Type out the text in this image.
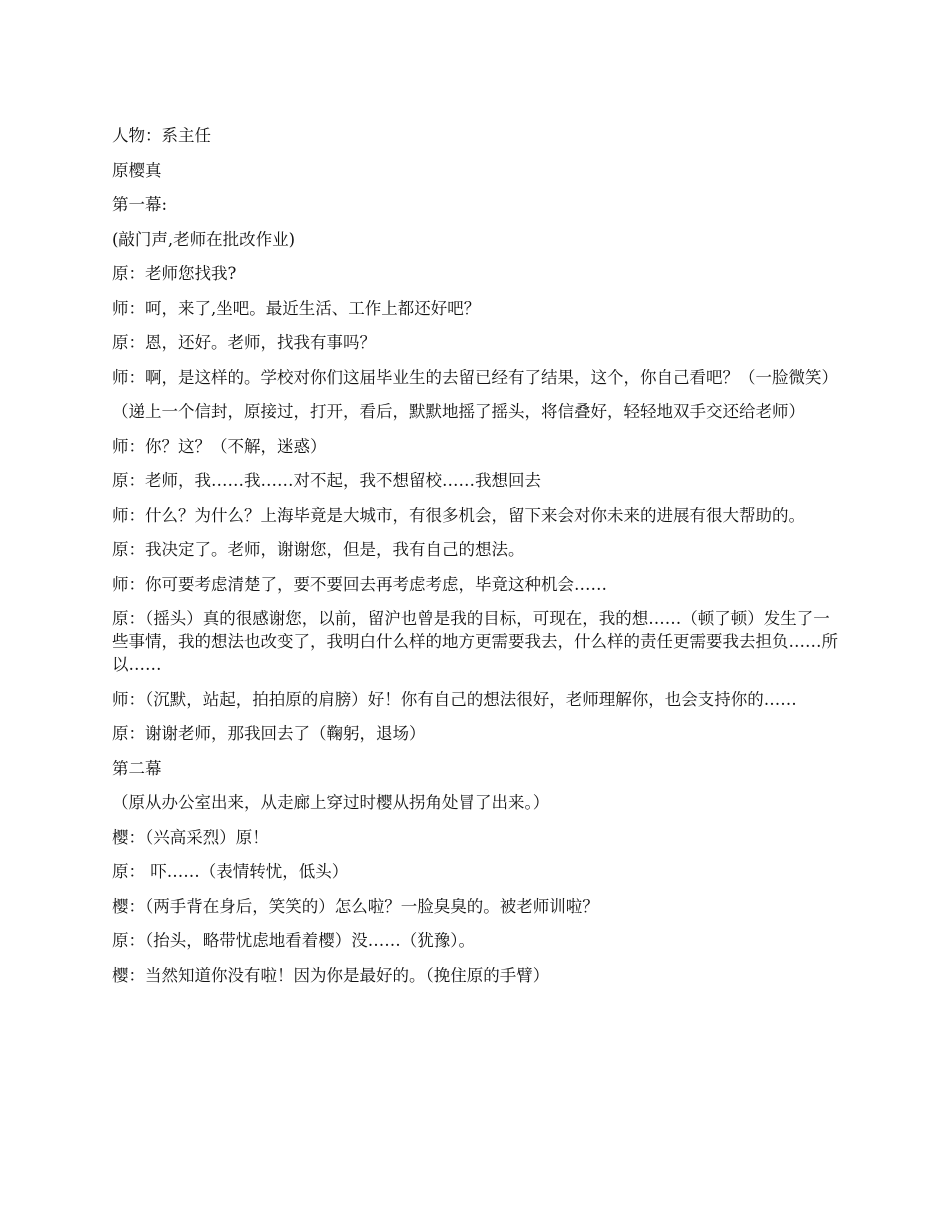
人物：系主任

原樱真

第一幕:

(敲门声,老师在批改作业)

原：老师您找我?

师：呵，来了,坐吧。最近生活、工作上都还好吧？

原：恩，还好。老师，找我有事吗？

师：啊，是这样的。学校对你们这届毕业生的去留已经有了结果，这个，你自己看吧？（一脸微笑）

（递上一个信封，原接过，打开，看后，默默地摇了摇头，将信叠好，轻轻地双手交还给老师）

师：你？这？（不解，迷惑）

原：老师，我……我……对不起，我不想留校……我想回去

师：什么？为什么？上海毕竟是大城市，有很多机会，留下来会对你未来的进展有很大帮助的。

原：我决定了。老师，谢谢您，但是，我有自己的想法。

师：你可要考虑清楚了，要不要回去再考虑考虑，毕竟这种机会……

原：（摇头）真的很感谢您，以前，留沪也曾是我的目标，可现在，我的想……（顿了顿）发生了一些事情，我的想法也改变了，我明白什么样的地方更需要我去，什么样的责任更需要我去担负……所以……

师：（沉默，站起，拍拍原的肩膀）好！你有自己的想法很好，老师理解你，也会支持你的……

原：谢谢老师，那我回去了（鞠躬，退场）

第二幕

（原从办公室出来，从走廊上穿过时樱从拐角处冒了出来。）

樱：（兴高采烈）原！

原： 吓……（表情转忧，低头）

樱：（两手背在身后，笑笑的）怎么啦？一脸臭臭的。被老师训啦？

原：（抬头，略带忧虑地看着樱）没……（犹豫）。

樱：当然知道你没有啦！因为你是最好的。（挽住原的手臂）
